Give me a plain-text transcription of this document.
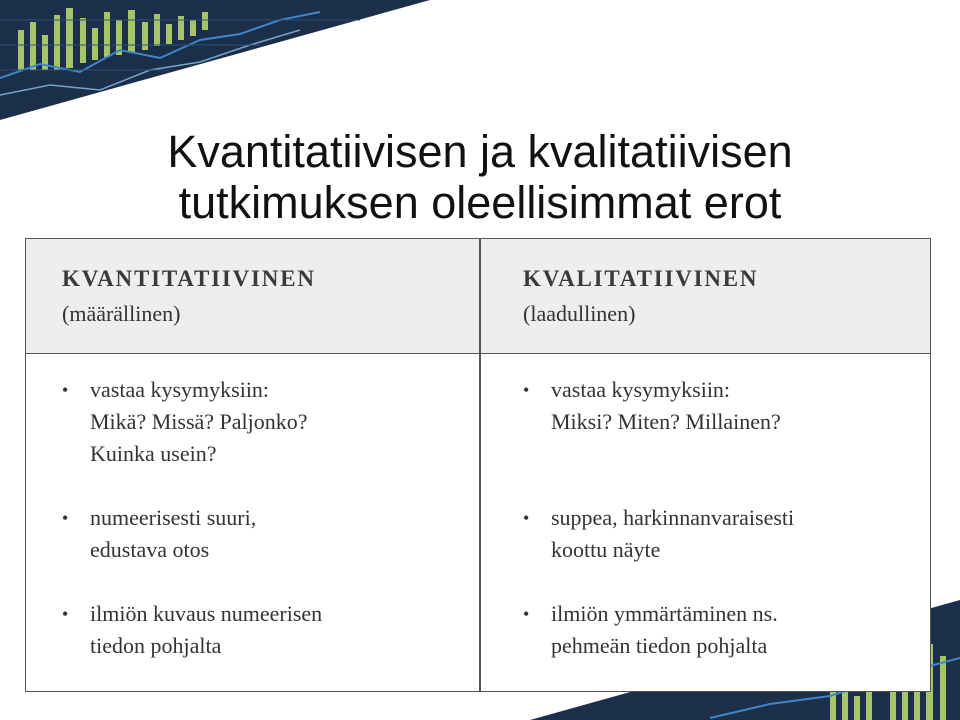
Kvantitatiivisen ja kvalitatiivisen
tutkimuksen oleellisimmat erot
KVANTITATIIVINEN
(määrällinen)
• vastaa kysymyksiin:
Mikä? Missä? Paljonko?
Kuinka usein?
• numeerisesti suuri,
edustava otos
• ilmiön kuvaus numeerisen
tiedon pohjalta
KVALITATIIVINEN
(laadullinen)
• vastaa kysymyksiin:
Miksi? Miten? Millainen?
• suppea, harkinnanvaraisesti
koottu näyte
• ilmiön ymmärtäminen ns.
pehmeän tiedon pohjalta
